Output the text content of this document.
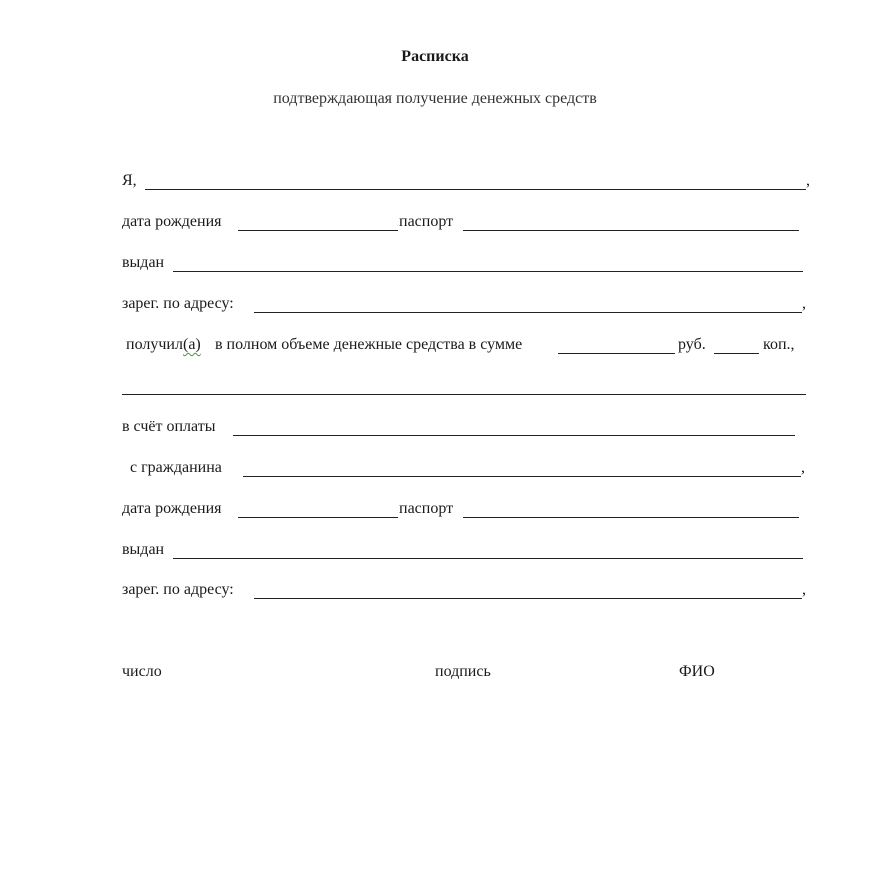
Расписка
подтверждающая получение денежных средств
Я,	,
дата рождения	паспорт
выдан
зарег. по адресу:	,
получил (а) в полном объеме денежные средства в сумме	руб.	коп.,
в счёт оплаты
с гражданина	,
дата рождения	паспорт
выдан
зарег. по адресу:	,
число	подпись	ФИО
